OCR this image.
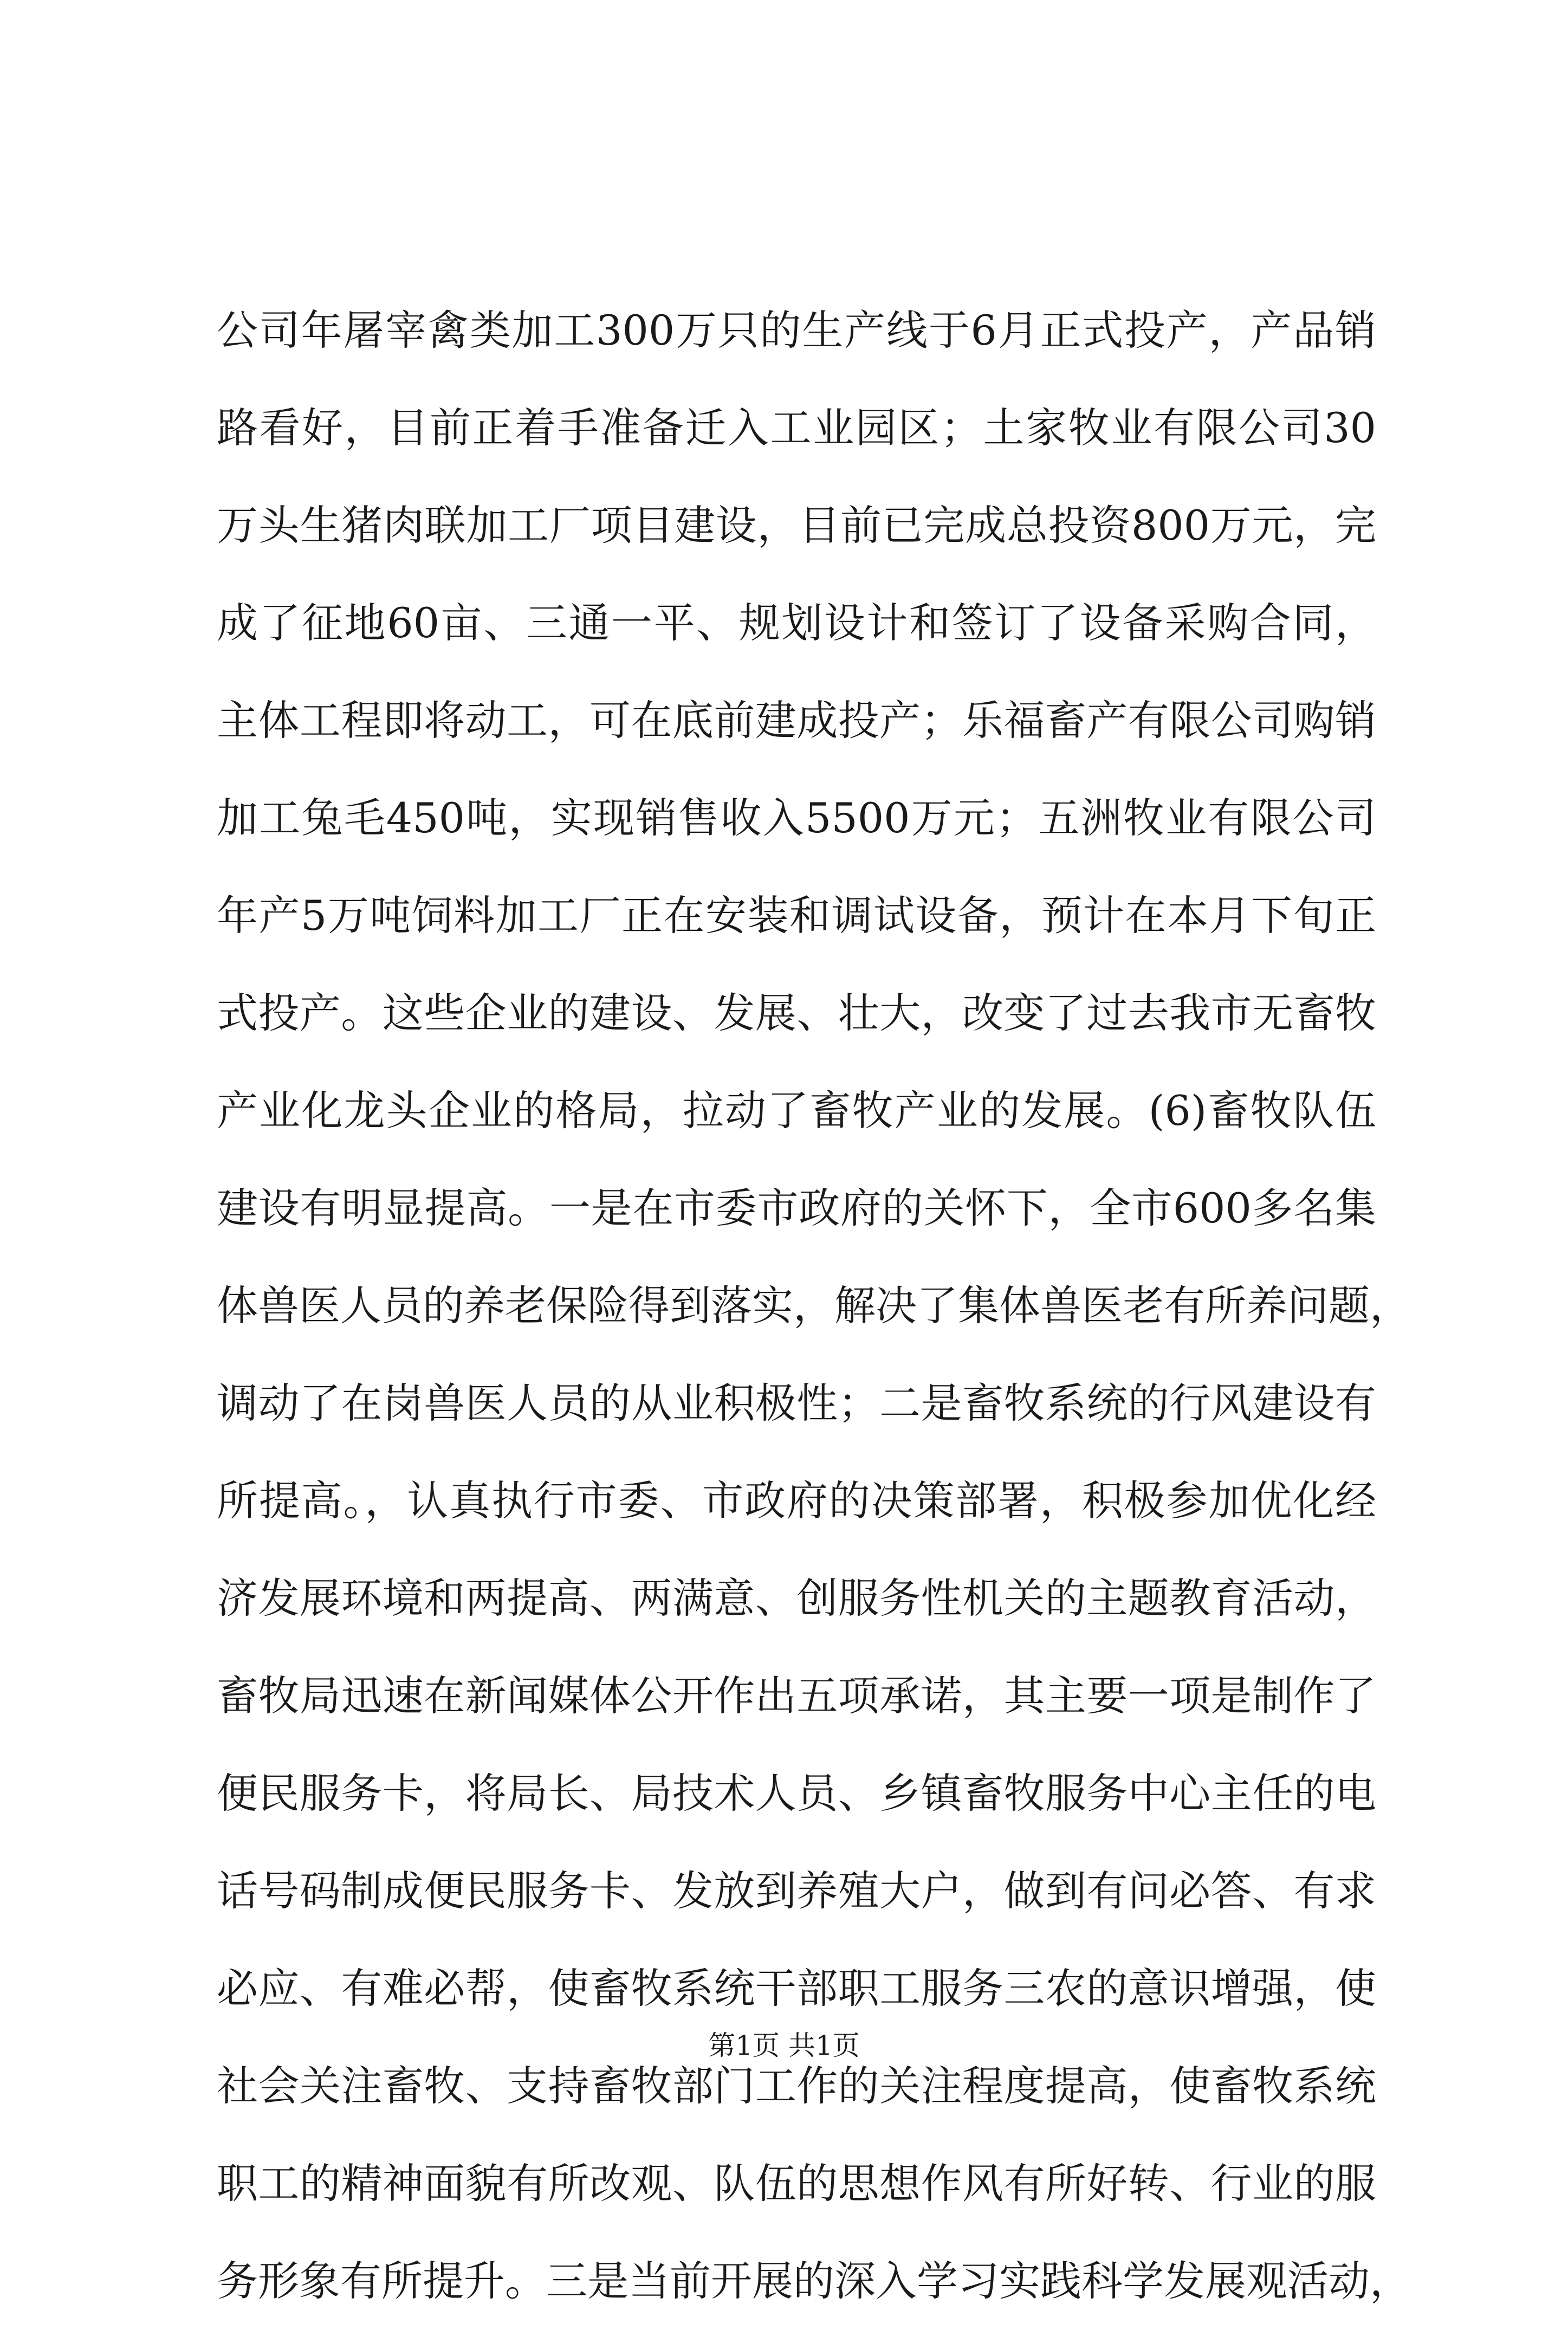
公司年屠宰禽类加工300万只的生产线于6月正式投产，产品销
路看好，目前正着手准备迁入工业园区；土家牧业有限公司30
万头生猪肉联加工厂项目建设，目前已完成总投资800万元，完
成了征地60亩、三通一平、规划设计和签订了设备采购合同，
主体工程即将动工，可在底前建成投产；乐福畜产有限公司购销
加工兔毛450吨，实现销售收入5500万元；五洲牧业有限公司
年产5万吨饲料加工厂正在安装和调试设备，预计在本月下旬正
式投产。这些企业的建设、发展、壮大，改变了过去我市无畜牧
产业化龙头企业的格局，拉动了畜牧产业的发展。(6)畜牧队伍
建设有明显提高。一是在市委市政府的关怀下，全市600多名集
体兽医人员的养老保险得到落实，解决了集体兽医老有所养问题，
调动了在岗兽医人员的从业积极性；二是畜牧系统的行风建设有
所提高。，认真执行市委、市政府的决策部署，积极参加优化经
济发展环境和两提高、两满意、创服务性机关的主题教育活动，
畜牧局迅速在新闻媒体公开作出五项承诺，其主要一项是制作了
便民服务卡，将局长、局技术人员、乡镇畜牧服务中心主任的电
话号码制成便民服务卡、发放到养殖大户，做到有问必答、有求
必应、有难必帮，使畜牧系统干部职工服务三农的意识增强，使
社会关注畜牧、支持畜牧部门工作的关注程度提高，使畜牧系统
职工的精神面貌有所改观、队伍的思想作风有所好转、行业的服
务形象有所提升。三是当前开展的深入学习实践科学发展观活动，
第1页 共1页
